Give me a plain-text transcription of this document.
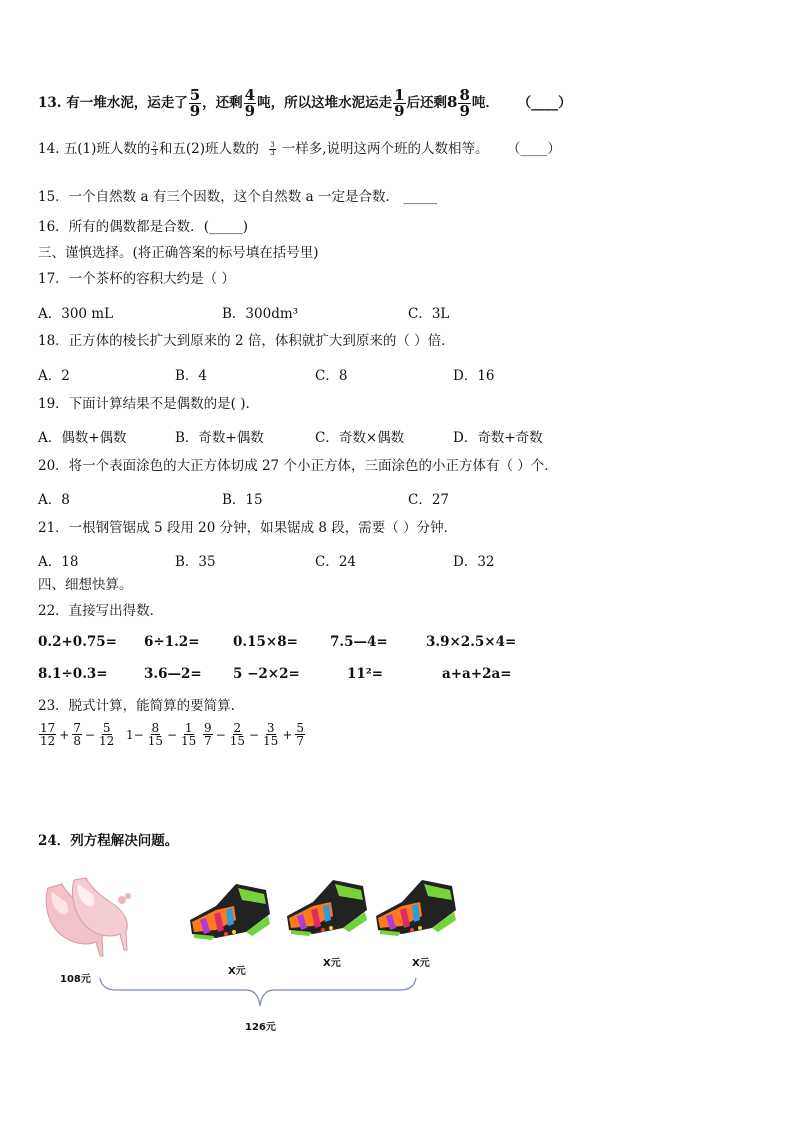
13. 有一堆水泥，运走了 $\frac{5}{9}$ ，还剩 $\frac{4}{9}$ 吨，所以这堆水泥运走 $\frac{1}{9}$ 后还剩$8 \frac{8}{9}$ 吨． （____）
14. 五(1)班人数的 $\frac{2}{3}$ 和五(2)班人数的 $\frac{3}{3}$ 一样多,说明这两个班的人数相等。 （____）
15．一个自然数 a 有三个因数，这个自然数 a 一定是合数． _____
16．所有的偶数都是合数．(_____)
三、谨慎选择。(将正确答案的标号填在括号里)
17．一个茶杯的容积大约是（ ）
A．300 mL	B．300dm³	C．3L
18．正方体的棱长扩大到原来的 2 倍，体积就扩大到原来的（ ）倍．
A．2	B．4	C．8	D．16
19．下面计算结果不是偶数的是( ).
A．偶数+偶数	B．奇数+偶数	C．奇数×偶数	D．奇数+奇数
20．将一个表面涂色的大正方体切成 27 个小正方体，三面涂色的小正方体有（ ）个．
A．8	B．15	C．27
21．一根钢管锯成 5 段用 20 分钟，如果锯成 8 段，需要（ ）分钟．
A．18	B．35	C．24	D．32
四、细想快算。
22．直接写出得数．
0.2+0.75= 6÷1.2= 0.15×8= 7.5—4=	3.9×2.5×4=
8.1÷0.3=	3.6—2= 5 −2×2=	11²=	a+a+2a=
23．脱式计算，能简算的要简算.
$\frac{17}{12} + \frac{7}{8} - \frac{5}{12} 1- \frac{8}{15} - \frac{1}{15} \frac{9}{7} - \frac{2}{15} - \frac{3}{15} + \frac{5}{7}$
24．列方程解决问题。
108元
X元
X元	X元
126元
